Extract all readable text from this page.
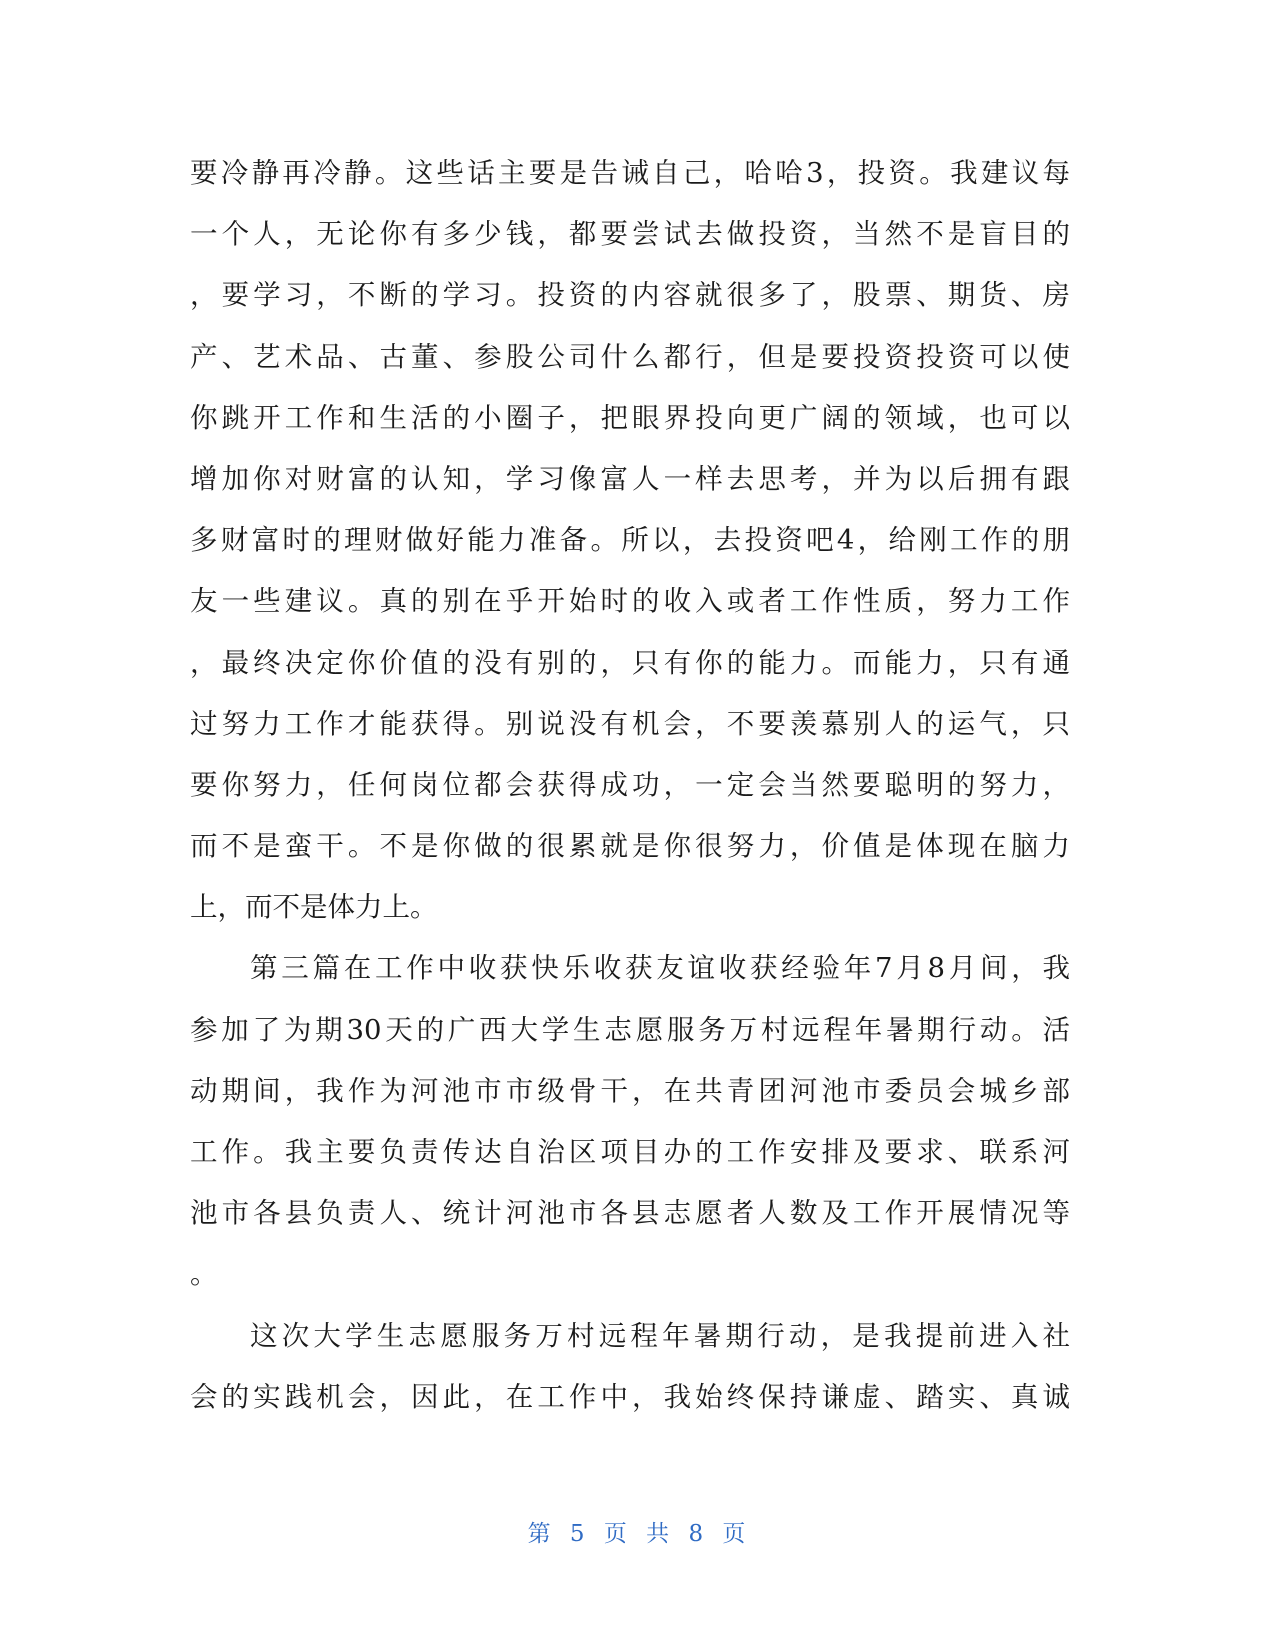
要冷静再冷静。这些话主要是告诫自己，哈哈3，投资。我建议每
一个人，无论你有多少钱，都要尝试去做投资，当然不是盲目的
，要学习，不断的学习。投资的内容就很多了，股票、期货、房
产、艺术品、古董、参股公司什么都行，但是要投资投资可以使
你跳开工作和生活的小圈子，把眼界投向更广阔的领域，也可以
增加你对财富的认知，学习像富人一样去思考，并为以后拥有跟
多财富时的理财做好能力准备。所以，去投资吧4，给刚工作的朋
友一些建议。真的别在乎开始时的收入或者工作性质，努力工作
，最终决定你价值的没有别的，只有你的能力。而能力，只有通
过努力工作才能获得。别说没有机会，不要羡慕别人的运气，只
要你努力，任何岗位都会获得成功，一定会当然要聪明的努力，
而不是蛮干。不是你做的很累就是你很努力，价值是体现在脑力
上，而不是体力上。
第三篇在工作中收获快乐收获友谊收获经验年7月8月间，我
参加了为期30天的广西大学生志愿服务万村远程年暑期行动。活
动期间，我作为河池市市级骨干，在共青团河池市委员会城乡部
工作。我主要负责传达自治区项目办的工作安排及要求、联系河
池市各县负责人、统计河池市各县志愿者人数及工作开展情况等
。
这次大学生志愿服务万村远程年暑期行动，是我提前进入社
会的实践机会，因此，在工作中，我始终保持谦虚、踏实、真诚
第 5 页 共 8 页
